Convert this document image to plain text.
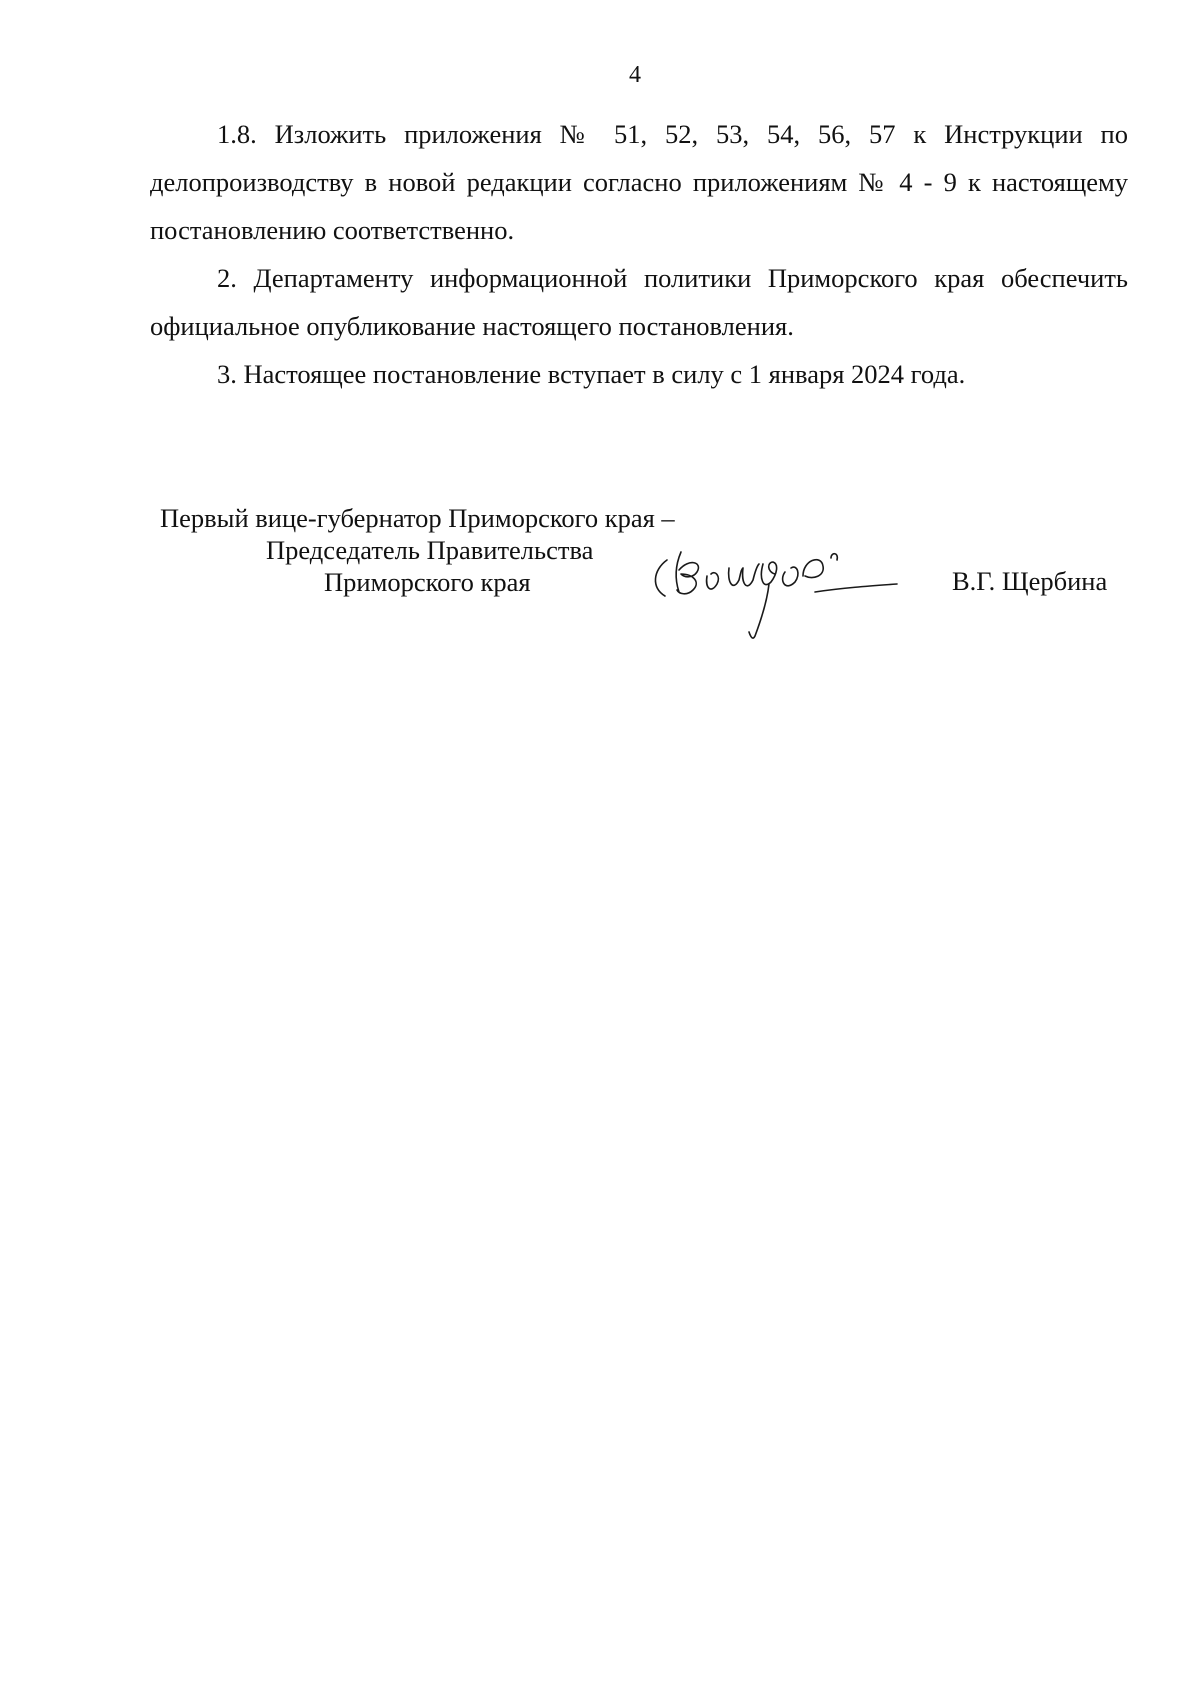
4

1.8. Изложить приложения № 51, 52, 53, 54, 56, 57 к Инструкции по делопроизводству в новой редакции согласно приложениям № 4 - 9 к настоящему постановлению соответственно.

2. Департаменту информационной политики Приморского края обеспечить официальное опубликование настоящего постановления.

3. Настоящее постановление вступает в силу с 1 января 2024 года.

Первый вице-губернатор Приморского края –
Председатель Правительства
Приморского края	В.Г. Щербина
